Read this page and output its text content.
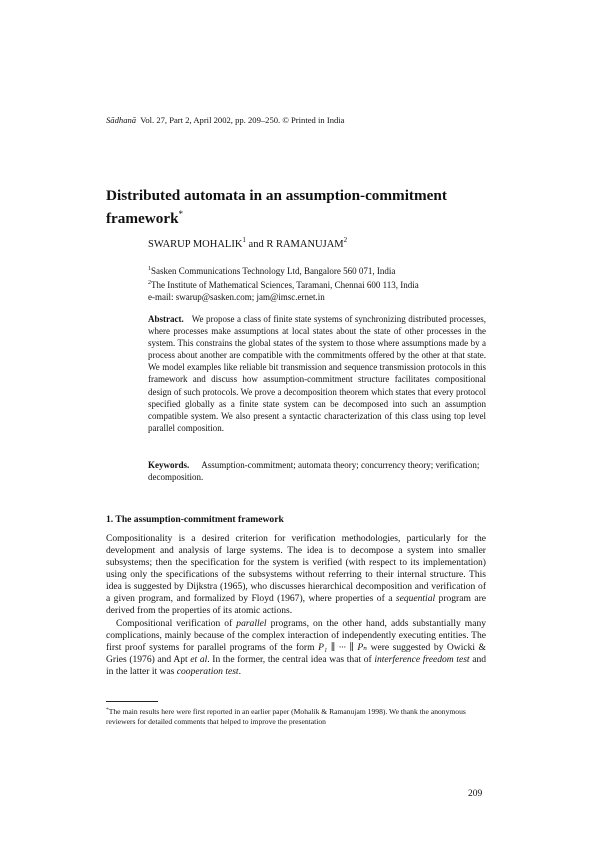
Sādhanā Vol. 27, Part 2, April 2002, pp. 209–250. © Printed in India
Distributed automata in an assumption-commitment
framework*
SWARUP MOHALIK$^1$ and R RAMANUJAM$^2$
$^1$Sasken Communications Technology Ltd, Bangalore 560 071, India
$^2$The Institute of Mathematical Sciences, Taramani, Chennai 600 113, India
e-mail: swarup@sasken.com; jam@imsc.ernet.in
Abstract. We propose a class of finite state systems of synchronizing distributed processes, where processes make assumptions at local states about the state of other processes in the system. This constrains the global states of the system to those where assumptions made by a process about another are compatible with the commitments offered by the other at that state. We model examples like reliable bit transmission and sequence transmission protocols in this framework and discuss how assumption-commitment structure facilitates compositional design of such protocols. We prove a decomposition theorem which states that every protocol specified globally as a finite state system can be decomposed into such an assumption compatible system. We also present a syntactic characterization of this class using top level parallel composition.
Keywords. Assumption-commitment; automata theory; concurrency theory; verification; decomposition.
1. The assumption-commitment framework

Compositionality is a desired criterion for verification methodologies, particularly for the development and analysis of large systems. The idea is to decompose a system into smaller subsystems; then the specification for the system is verified (with respect to its implementation) using only the specifications of the subsystems without referring to their internal structure. This idea is suggested by Dijkstra (1965), who discusses hierarchical decomposition and verification of a given program, and formalized by Floyd (1967), where properties of a sequential program are derived from the properties of its atomic actions.

Compositional verification of parallel programs, on the other hand, adds substantially many complications, mainly because of the complex interaction of independently executing entities. The first proof systems for parallel programs of the form P₁ ∥ ··· ∥ Pₙ were suggested by Owicki & Gries (1976) and Apt et al. In the former, the central idea was that of interference freedom test and in the latter it was cooperation test.

*The main results here were first reported in an earlier paper (Mohalik & Ramanujam 1998). We thank the anonymous reviewers for detailed comments that helped to improve the presentation
209
